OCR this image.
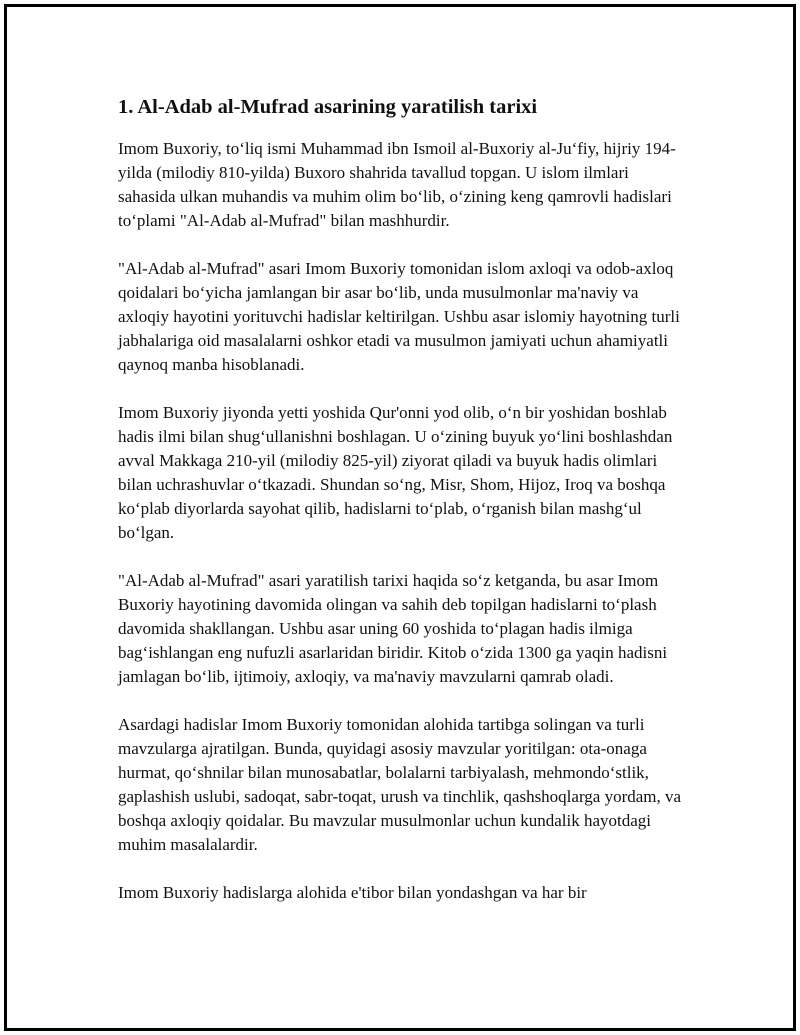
1. Al-Adab al-Mufrad asarining yaratilish tarixi

Imom Buxoriy, to‘liq ismi Muhammad ibn Ismoil al-Buxoriy al-Ju‘fiy, hijriy 194-yilda (milodiy 810-yilda) Buxoro shahrida tavallud topgan. U islom ilmlari sahasida ulkan muhandis va muhim olim bo‘lib, o‘zining keng qamrovli hadislari to‘plami "Al-Adab al-Mufrad" bilan mashhurdir.

"Al-Adab al-Mufrad" asari Imom Buxoriy tomonidan islom axloqi va odob-axloq qoidalari bo‘yicha jamlangan bir asar bo‘lib, unda musulmonlar ma'naviy va axloqiy hayotini yorituvchi hadislar keltirilgan. Ushbu asar islomiy hayotning turli jabhalariga oid masalalarni oshkor etadi va musulmon jamiyati uchun ahamiyatli qaynoq manba hisoblanadi.

Imom Buxoriy jiyonda yetti yoshida Qur'onni yod olib, o‘n bir yoshidan boshlab hadis ilmi bilan shug‘ullanishni boshlagan. U o‘zining buyuk yo‘lini boshlashdan avval Makkaga 210-yil (milodiy 825-yil) ziyorat qiladi va buyuk hadis olimlari bilan uchrashuvlar o‘tkazadi. Shundan so‘ng, Misr, Shom, Hijoz, Iroq va boshqa ko‘plab diyorlarda sayohat qilib, hadislarni to‘plab, o‘rganish bilan mashg‘ul bo‘lgan.

"Al-Adab al-Mufrad" asari yaratilish tarixi haqida so‘z ketganda, bu asar Imom Buxoriy hayotining davomida olingan va sahih deb topilgan hadislarni to‘plash davomida shakllangan. Ushbu asar uning 60 yoshida to‘plagan hadis ilmiga bag‘ishlangan eng nufuzli asarlaridan biridir. Kitob o‘zida 1300 ga yaqin hadisni jamlagan bo‘lib, ijtimoiy, axloqiy, va ma'naviy mavzularni qamrab oladi.

Asardagi hadislar Imom Buxoriy tomonidan alohida tartibga solingan va turli mavzularga ajratilgan. Bunda, quyidagi asosiy mavzular yoritilgan: ota-onaga hurmat, qo‘shnilar bilan munosabatlar, bolalarni tarbiyalash, mehmondo‘stlik, gaplashish uslubi, sadoqat, sabr-toqat, urush va tinchlik, qashshoqlarga yordam, va boshqa axloqiy qoidalar. Bu mavzular musulmonlar uchun kundalik hayotdagi muhim masalalardir.

Imom Buxoriy hadislarga alohida e'tibor bilan yondashgan va har bir
